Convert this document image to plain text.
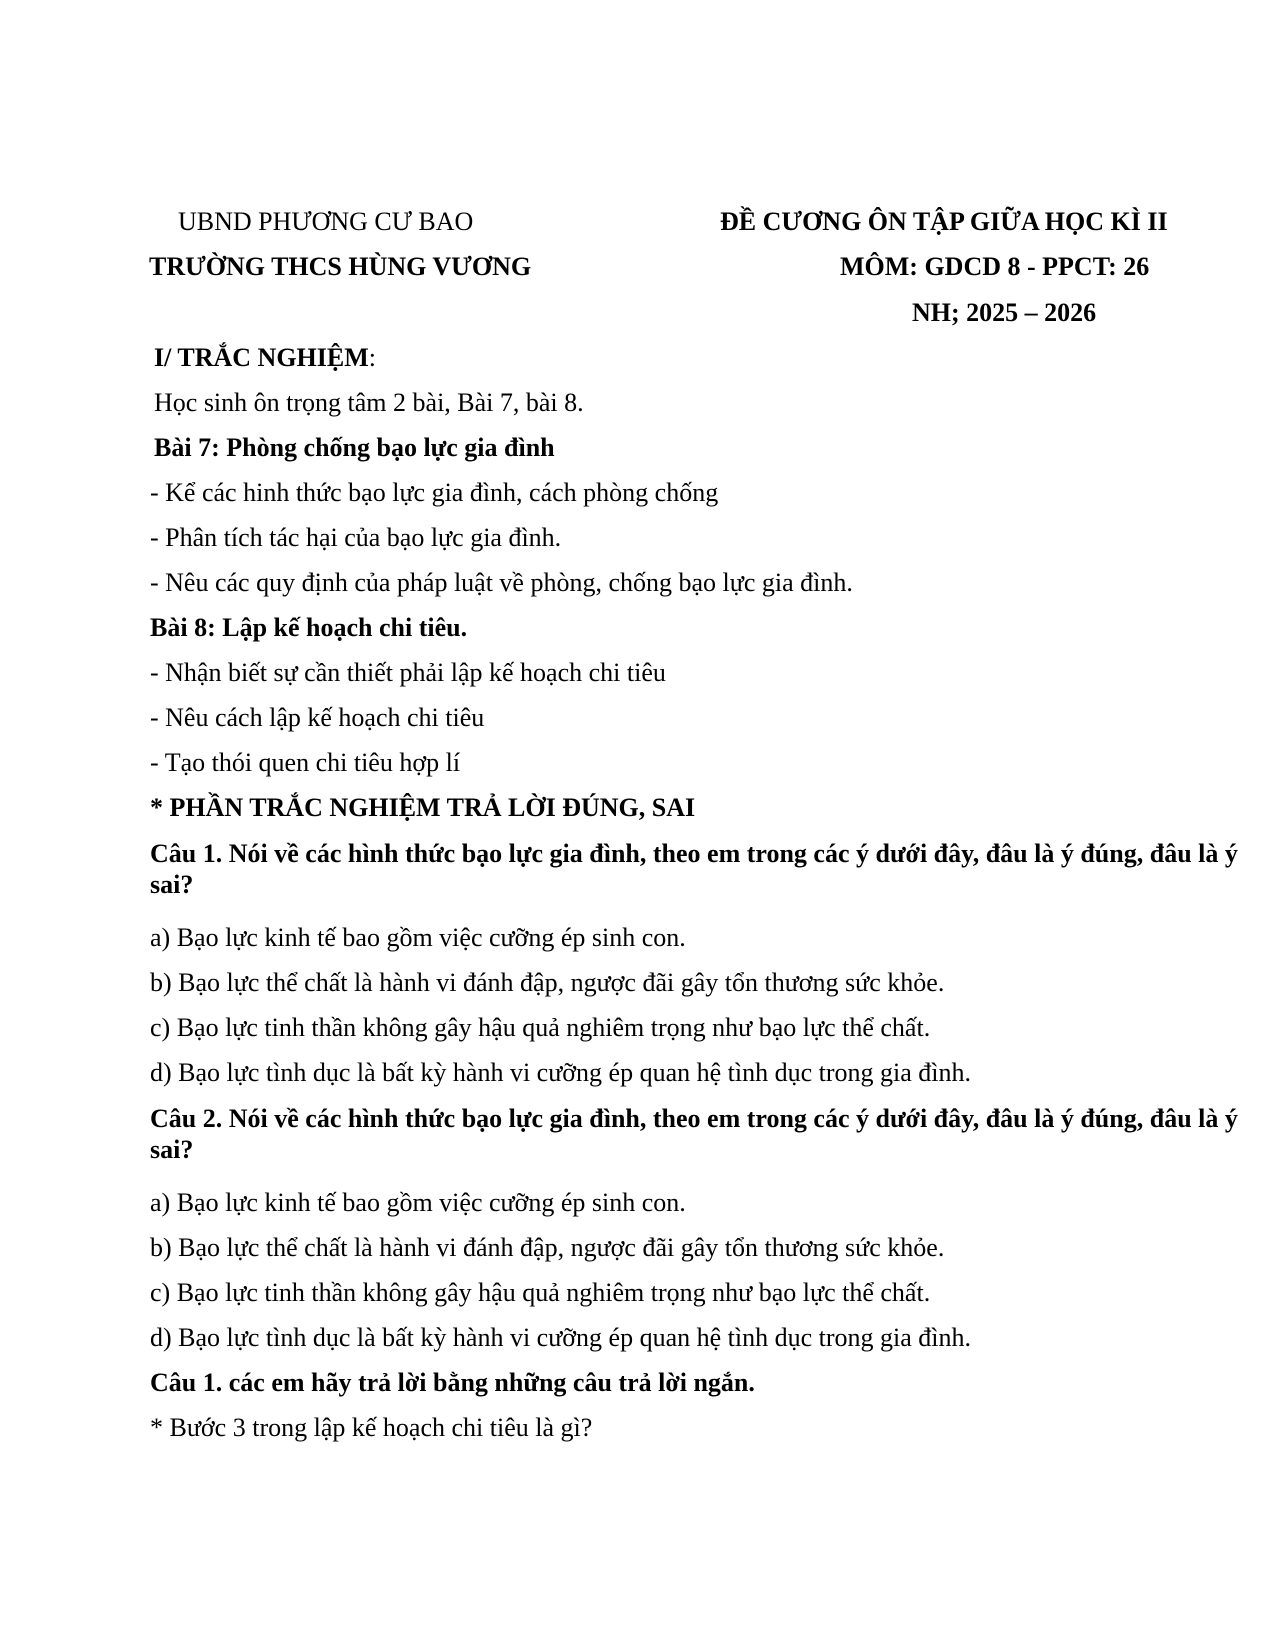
UBND PHƯƠNG CƯ BAO
TRƯỜNG THCS HÙNG VƯƠNG
ĐỀ CƯƠNG ÔN TẬP GIỮA HỌC KÌ II
MÔM: GDCD 8 - PPCT: 26
NH; 2025 – 2026
I/ TRẮC NGHIỆM:
Học sinh ôn trọng tâm 2 bài, Bài 7, bài 8.
Bài 7: Phòng chống bạo lực gia đình
- Kể các hinh thức bạo lực gia đình, cách phòng chống
- Phân tích tác hại của bạo lực gia đình.
- Nêu các quy định của pháp luật về phòng, chống bạo lực gia đình.
Bài 8: Lập kế hoạch chi tiêu.
- Nhận biết sự cần thiết phải lập kế hoạch chi tiêu
- Nêu cách lập kế hoạch chi tiêu
- Tạo thói quen chi tiêu hợp lí
* PHẦN TRẮC NGHIỆM TRẢ LỜI ĐÚNG, SAI
Câu 1. Nói về các hình thức bạo lực gia đình, theo em trong các ý dưới đây, đâu là ý đúng, đâu là ý sai?
a) Bạo lực kinh tế bao gồm việc cưỡng ép sinh con.
b) Bạo lực thể chất là hành vi đánh đập, ngược đãi gây tổn thương sức khỏe.
c) Bạo lực tinh thần không gây hậu quả nghiêm trọng như bạo lực thể chất.
d) Bạo lực tình dục là bất kỳ hành vi cưỡng ép quan hệ tình dục trong gia đình.
Câu 2. Nói về các hình thức bạo lực gia đình, theo em trong các ý dưới đây, đâu là ý đúng, đâu là ý sai?
a) Bạo lực kinh tế bao gồm việc cưỡng ép sinh con.
b) Bạo lực thể chất là hành vi đánh đập, ngược đãi gây tổn thương sức khỏe.
c) Bạo lực tinh thần không gây hậu quả nghiêm trọng như bạo lực thể chất.
d) Bạo lực tình dục là bất kỳ hành vi cưỡng ép quan hệ tình dục trong gia đình.
Câu 1. các em hãy trả lời bằng những câu trả lời ngắn.
* Bước 3 trong lập kế hoạch chi tiêu là gì?
